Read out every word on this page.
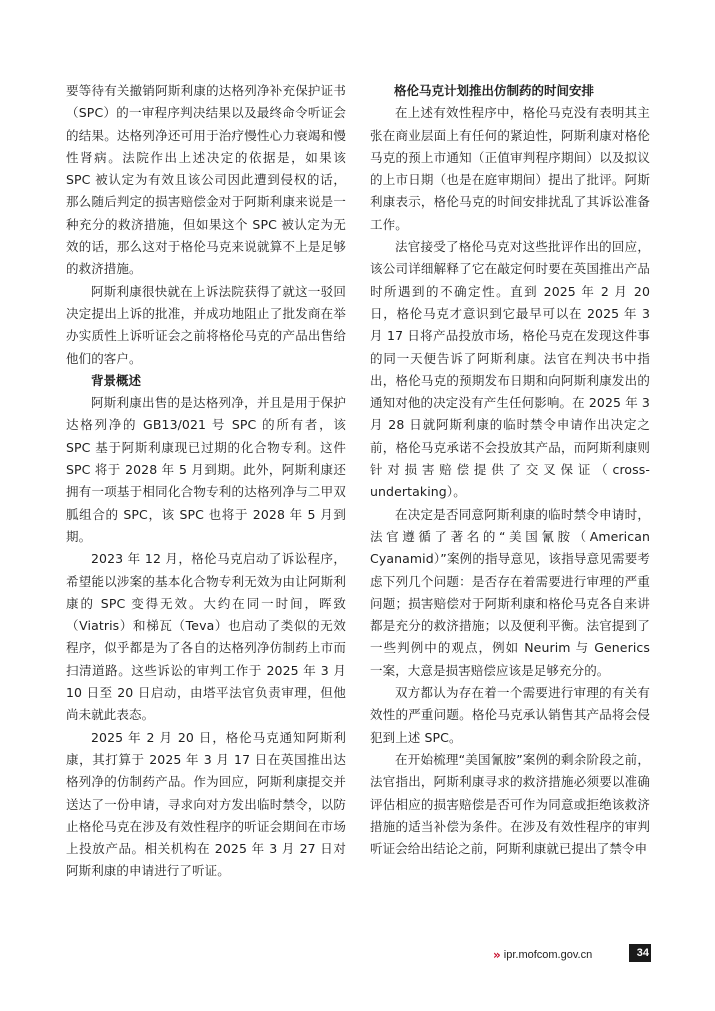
要等待有关撤销阿斯利康的达格列净补充保护证书（SPC）的一审程序判决结果以及最终命令听证会的结果。达格列净还可用于治疗慢性心力衰竭和慢性肾病。法院作出上述决定的依据是，如果该 SPC 被认定为有效且该公司因此遭到侵权的话，那么随后判定的损害赔偿金对于阿斯利康来说是一种充分的救济措施，但如果这个 SPC 被认定为无效的话，那么这对于格伦马克来说就算不上是足够的救济措施。

阿斯利康很快就在上诉法院获得了就这一驳回决定提出上诉的批准，并成功地阻止了批发商在举办实质性上诉听证会之前将格伦马克的产品出售给他们的客户。

背景概述

阿斯利康出售的是达格列净，并且是用于保护达格列净的 GB13/021 号 SPC 的所有者，该 SPC 基于阿斯利康现已过期的化合物专利。这件 SPC 将于 2028 年 5 月到期。此外，阿斯利康还拥有一项基于相同化合物专利的达格列净与二甲双胍组合的 SPC，该 SPC 也将于 2028 年 5 月到期。

2023 年 12 月，格伦马克启动了诉讼程序，希望能以涉案的基本化合物专利无效为由让阿斯利康的 SPC 变得无效。大约在同一时间，晖致（Viatris）和梯瓦（Teva）也启动了类似的无效程序，似乎都是为了各自的达格列净仿制药上市而扫清道路。这些诉讼的审判工作于 2025 年 3 月 10 日至 20 日启动，由塔平法官负责审理，但他尚未就此表态。

2025 年 2 月 20 日，格伦马克通知阿斯利康，其打算于 2025 年 3 月 17 日在英国推出达格列净的仿制药产品。作为回应，阿斯利康提交并送达了一份申请，寻求向对方发出临时禁令，以防止格伦马克在涉及有效性程序的听证会期间在市场上投放产品。相关机构在 2025 年 3 月 27 日对阿斯利康的申请进行了听证。

格伦马克计划推出仿制药的时间安排

在上述有效性程序中，格伦马克没有表明其主张在商业层面上有任何的紧迫性，阿斯利康对格伦马克的预上市通知（正值审判程序期间）以及拟议的上市日期（也是在庭审期间）提出了批评。阿斯利康表示，格伦马克的时间安排扰乱了其诉讼准备工作。

法官接受了格伦马克对这些批评作出的回应，该公司详细解释了它在敲定何时要在英国推出产品时所遇到的不确定性。直到 2025 年 2 月 20 日，格伦马克才意识到它最早可以在 2025 年 3 月 17 日将产品投放市场，格伦马克在发现这件事的同一天便告诉了阿斯利康。法官在判决书中指出，格伦马克的预期发布日期和向阿斯利康发出的通知对他的决定没有产生任何影响。在 2025 年 3 月 28 日就阿斯利康的临时禁令申请作出决定之前，格伦马克承诺不会投放其产品，而阿斯利康则针对损害赔偿提供了交叉保证（cross-undertaking）。

在决定是否同意阿斯利康的临时禁令申请时，法官遵循了著名的“美国氰胺（American Cyanamid）”案例的指导意见，该指导意见需要考虑下列几个问题：是否存在着需要进行审理的严重问题；损害赔偿对于阿斯利康和格伦马克各自来讲都是充分的救济措施；以及便利平衡。法官提到了一些判例中的观点，例如 Neurim 与 Generics 一案，大意是损害赔偿应该是足够充分的。

双方都认为存在着一个需要进行审理的有关有效性的严重问题。格伦马克承认销售其产品将会侵犯到上述 SPC。

在开始梳理“美国氰胺”案例的剩余阶段之前，法官指出，阿斯利康寻求的救济措施必须要以准确评估相应的损害赔偿是否可作为同意或拒绝该救济措施的适当补偿为条件。在涉及有效性程序的审判听证会给出结论之前，阿斯利康就已提出了禁令申

» ipr.mofcom.gov.cn	34
